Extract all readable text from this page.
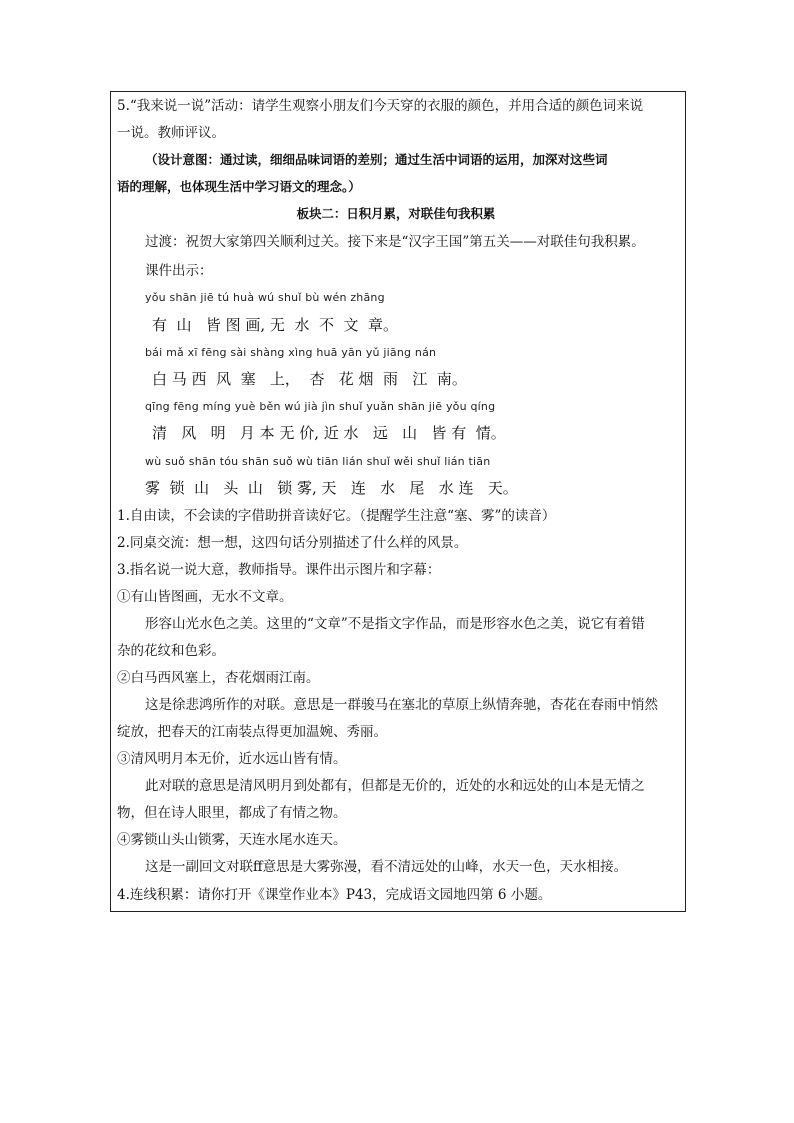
5.“我来说一说”活动：请学生观察小朋友们今天穿的衣服的颜色，并用合适的颜色词来说
一说。教师评议。
（设计意图：通过读，细细品味词语的差别；通过生活中词语的运用，加深对这些词
语的理解，也体现生活中学习语文的理念。）
板块二：日积月累，对联佳句我积累
过渡：祝贺大家第四关顺利过关。接下来是“汉字王国”第五关——对联佳句我积累。
课件出示：
yǒu shān jiē tú huà wú shuǐ bù wén zhāng
有  山   皆 图 画, 无  水  不  文  章。
bái mǎ xī fēng sài shàng xìng huā yān yǔ jiāng nán
白 马 西  风  塞   上，  杏   花 烟  雨   江  南。
qīng fēng míng yuè běn wú jià jìn shuǐ yuǎn shān jiē yǒu qíng
清   风   明   月 本 无 价, 近 水   远   山   皆 有  情。
wù suǒ shān tóu shān suǒ wù tiān lián shuǐ wěi shuǐ lián tiān
雾  锁  山   头  山   锁 雾, 天   连   水   尾   水 连   天。
1.自由读，不会读的字借助拼音读好它。（提醒学生注意“塞、雾”的读音）
2.同桌交流：想一想，这四句话分别描述了什么样的风景。
3.指名说一说大意，教师指导。课件出示图片和字幕：
①有山皆图画，无水不文章。
形容山光水色之美。这里的“文章”不是指文字作品，而是形容水色之美，说它有着错
杂的花纹和色彩。
②白马西风塞上，杏花烟雨江南。
这是徐悲鸿所作的对联。意思是一群骏马在塞北的草原上纵情奔驰，杏花在春雨中悄然
绽放，把春天的江南装点得更加温婉、秀丽。
③清风明月本无价，近水远山皆有情。
此对联的意思是清风明月到处都有，但都是无价的，近处的水和远处的山本是无情之
物，但在诗人眼里，都成了有情之物。
④雾锁山头山锁雾，天连水尾水连天。
这是一副回文对联ff意思是大雾弥漫，看不清远处的山峰，水天一色，天水相接。
4.连线积累：请你打开《课堂作业本》P43，完成语文园地四第 6 小题。
